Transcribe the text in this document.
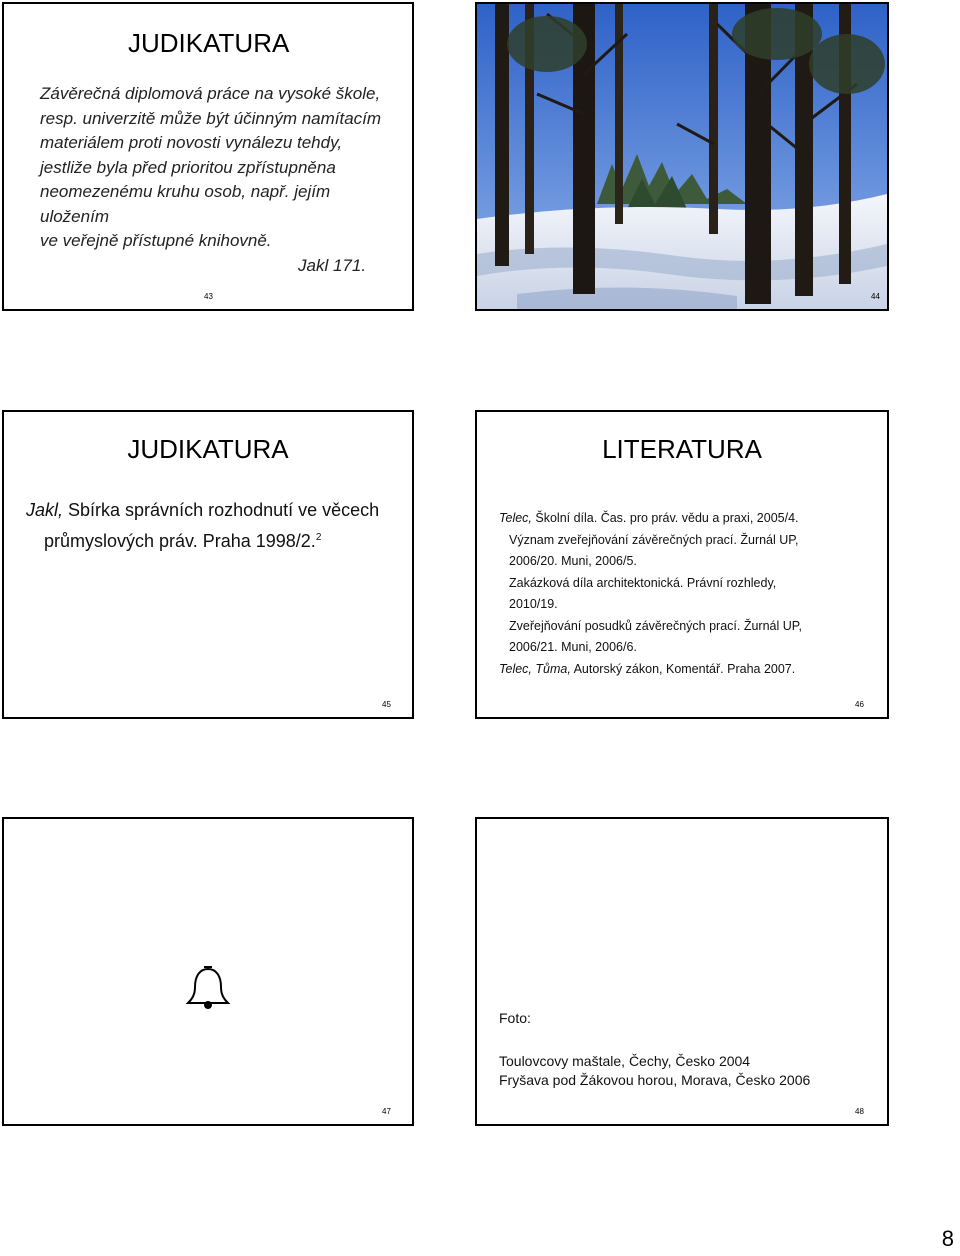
JUDIKATURA
Závěrečná diplomová práce na vysoké škole,
resp. univerzitě může být účinným namítacím
materiálem proti novosti vynálezu tehdy,
jestliže byla před prioritou zpřístupněna
neomezenému kruhu osob, např. jejím
uložením
ve veřejně přístupné knihovně.
Jakl 171.
43	44
JUDIKATURA
Jakl, Sbírka správních rozhodnutí ve věcech
průmyslových práv. Praha 1998/2.$^2$
45
LITERATURA
Telec, Školní díla. Čas. pro práv. vědu a praxi, 2005/4.
Význam zveřejňování závěrečných prací. Žurnál UP,
2006/20. Muni, 2006/5.
Zakázková díla architektonická. Právní rozhledy,
2010/19.
Zveřejňování posudků závěrečných prací. Žurnál UP,
2006/21. Muni, 2006/6.
Telec, Tůma, Autorský zákon, Komentář. Praha 2007.
46
47
Foto:
Toulovcovy maštale, Čechy, Česko 2004
Fryšava pod Žákovou horou, Morava, Česko 2006
48
8
